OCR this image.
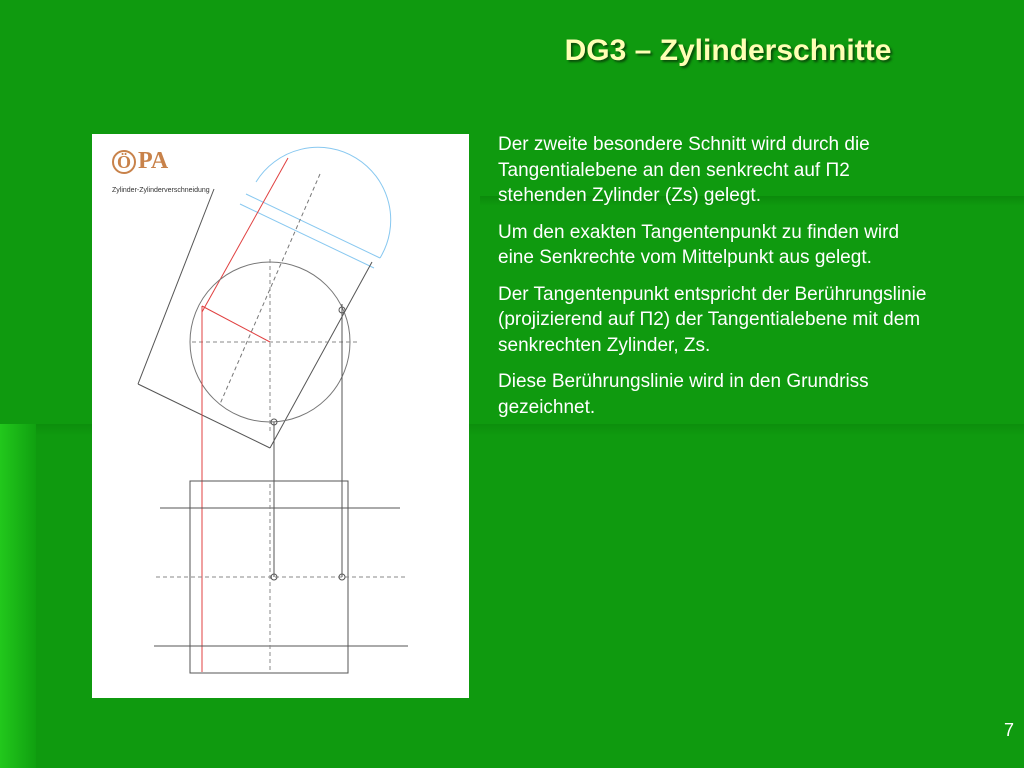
DG3 – Zylinderschnitte
Ö PA
Zylinder-Zylinderverschneidung

Der zweite besondere Schnitt wird durch die Tangentialebene an den senkrecht auf Π2 stehenden Zylinder (Zs) gelegt.

Um den exakten Tangentenpunkt zu finden wird eine Senkrechte vom Mittelpunkt aus gelegt.

Der Tangentenpunkt entspricht der Berührungslinie (projizierend auf Π2) der Tangentialebene mit dem senkrechten Zylinder, Zs.

Diese Berührungslinie wird in den Grundriss gezeichnet.

7
